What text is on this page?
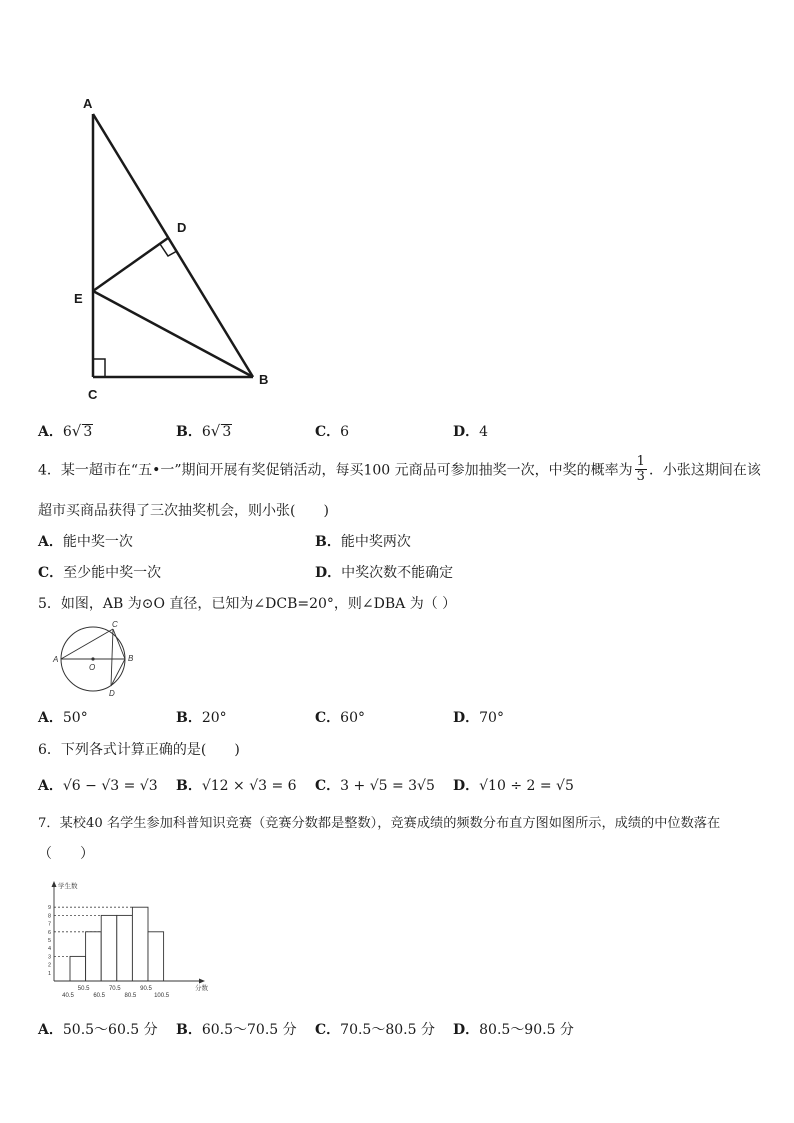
A
D
E
C
B
A．6√ 3	B．6√ 3	C．6	D．4
4．某一超市在“五•一”期间开展有奖促销活动，每买100 元商品可参加抽奖一次，中奖的概率为 $\frac{1}{3}$ ．小张这期间在该
超市买商品获得了三次抽奖机会，则小张(　　)
A．能中奖一次	B．能中奖两次
C．至少能中奖一次	D．中奖次数不能确定
5．如图，AB 为⊙O 直径，已知为∠DCB=20°，则∠DBA 为（ ）
A	B
C
D
O
A．50°	B．20°	C．60°	D．70°
6．下列各式计算正确的是(　　)
A．√6 − √3 = √3 B．√12 × √3 = 6 C．3 + √5 = 3√5 D．√10 ÷ 2 = √5
7．某校40 名学生参加科普知识竞赛（竞赛分数都是整数），竞赛成绩的频数分布直方图如图所示，成绩的中位数落在
（　　）
1
2
3
4
5
6
7
8
9
40.5
50.5
60.5
70.5
80.5
90.5
100.5
学生数
分数
A．50.5～60.5 分 B．60.5～70.5 分 C．70.5～80.5 分 D．80.5～90.5 分
